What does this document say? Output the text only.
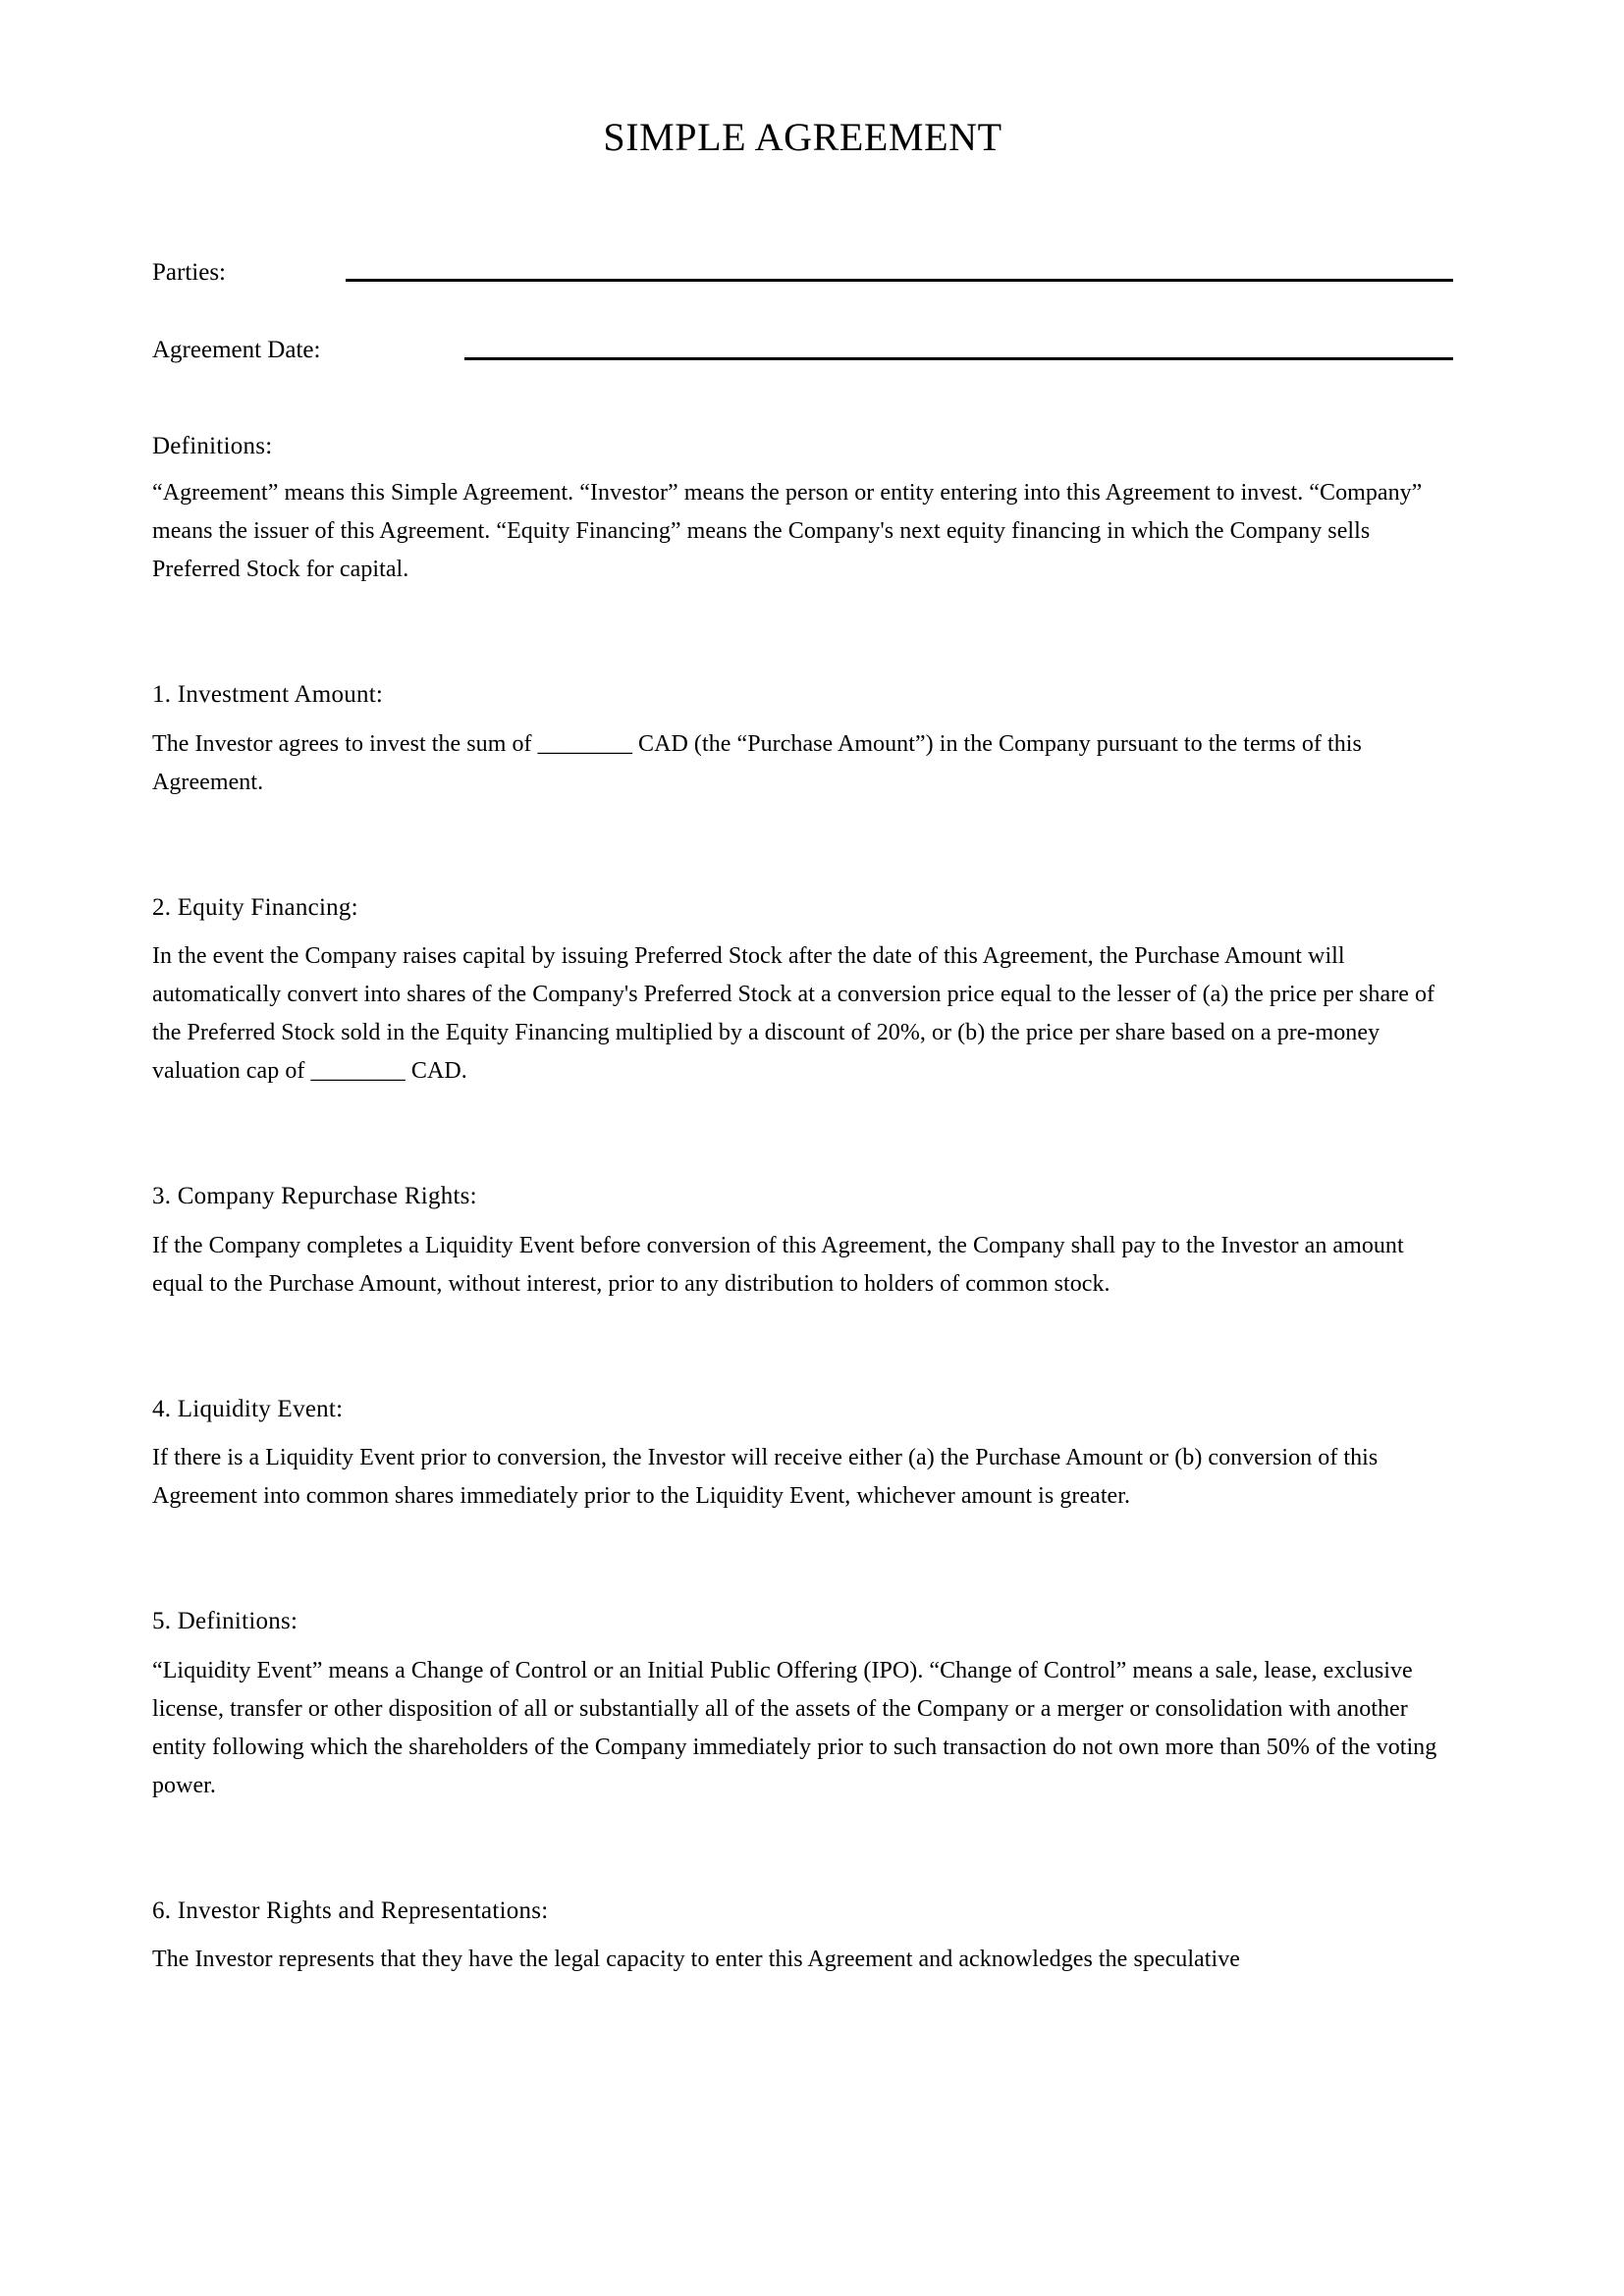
SIMPLE AGREEMENT
Parties:
Agreement Date:
Definitions:

“Agreement” means this Simple Agreement. “Investor” means the person or entity entering into this Agreement to invest. “Company” means the issuer of this Agreement. “Equity Financing” means the Company's next equity financing in which the Company sells Preferred Stock for capital.

1. Investment Amount:

The Investor agrees to invest the sum of ________ CAD (the “Purchase Amount”) in the Company pursuant to the terms of this Agreement.

2. Equity Financing:

In the event the Company raises capital by issuing Preferred Stock after the date of this Agreement, the Purchase Amount will automatically convert into shares of the Company's Preferred Stock at a conversion price equal to the lesser of (a) the price per share of the Preferred Stock sold in the Equity Financing multiplied by a discount of 20%, or (b) the price per share based on a pre-money valuation cap of ________ CAD.

3. Company Repurchase Rights:

If the Company completes a Liquidity Event before conversion of this Agreement, the Company shall pay to the Investor an amount equal to the Purchase Amount, without interest, prior to any distribution to holders of common stock.

4. Liquidity Event:

If there is a Liquidity Event prior to conversion, the Investor will receive either (a) the Purchase Amount or (b) conversion of this Agreement into common shares immediately prior to the Liquidity Event, whichever amount is greater.

5. Definitions:

“Liquidity Event” means a Change of Control or an Initial Public Offering (IPO). “Change of Control” means a sale, lease, exclusive license, transfer or other disposition of all or substantially all of the assets of the Company or a merger or consolidation with another entity following which the shareholders of the Company immediately prior to such transaction do not own more than 50% of the voting power.

6. Investor Rights and Representations:

The Investor represents that they have the legal capacity to enter this Agreement and acknowledges the speculative
